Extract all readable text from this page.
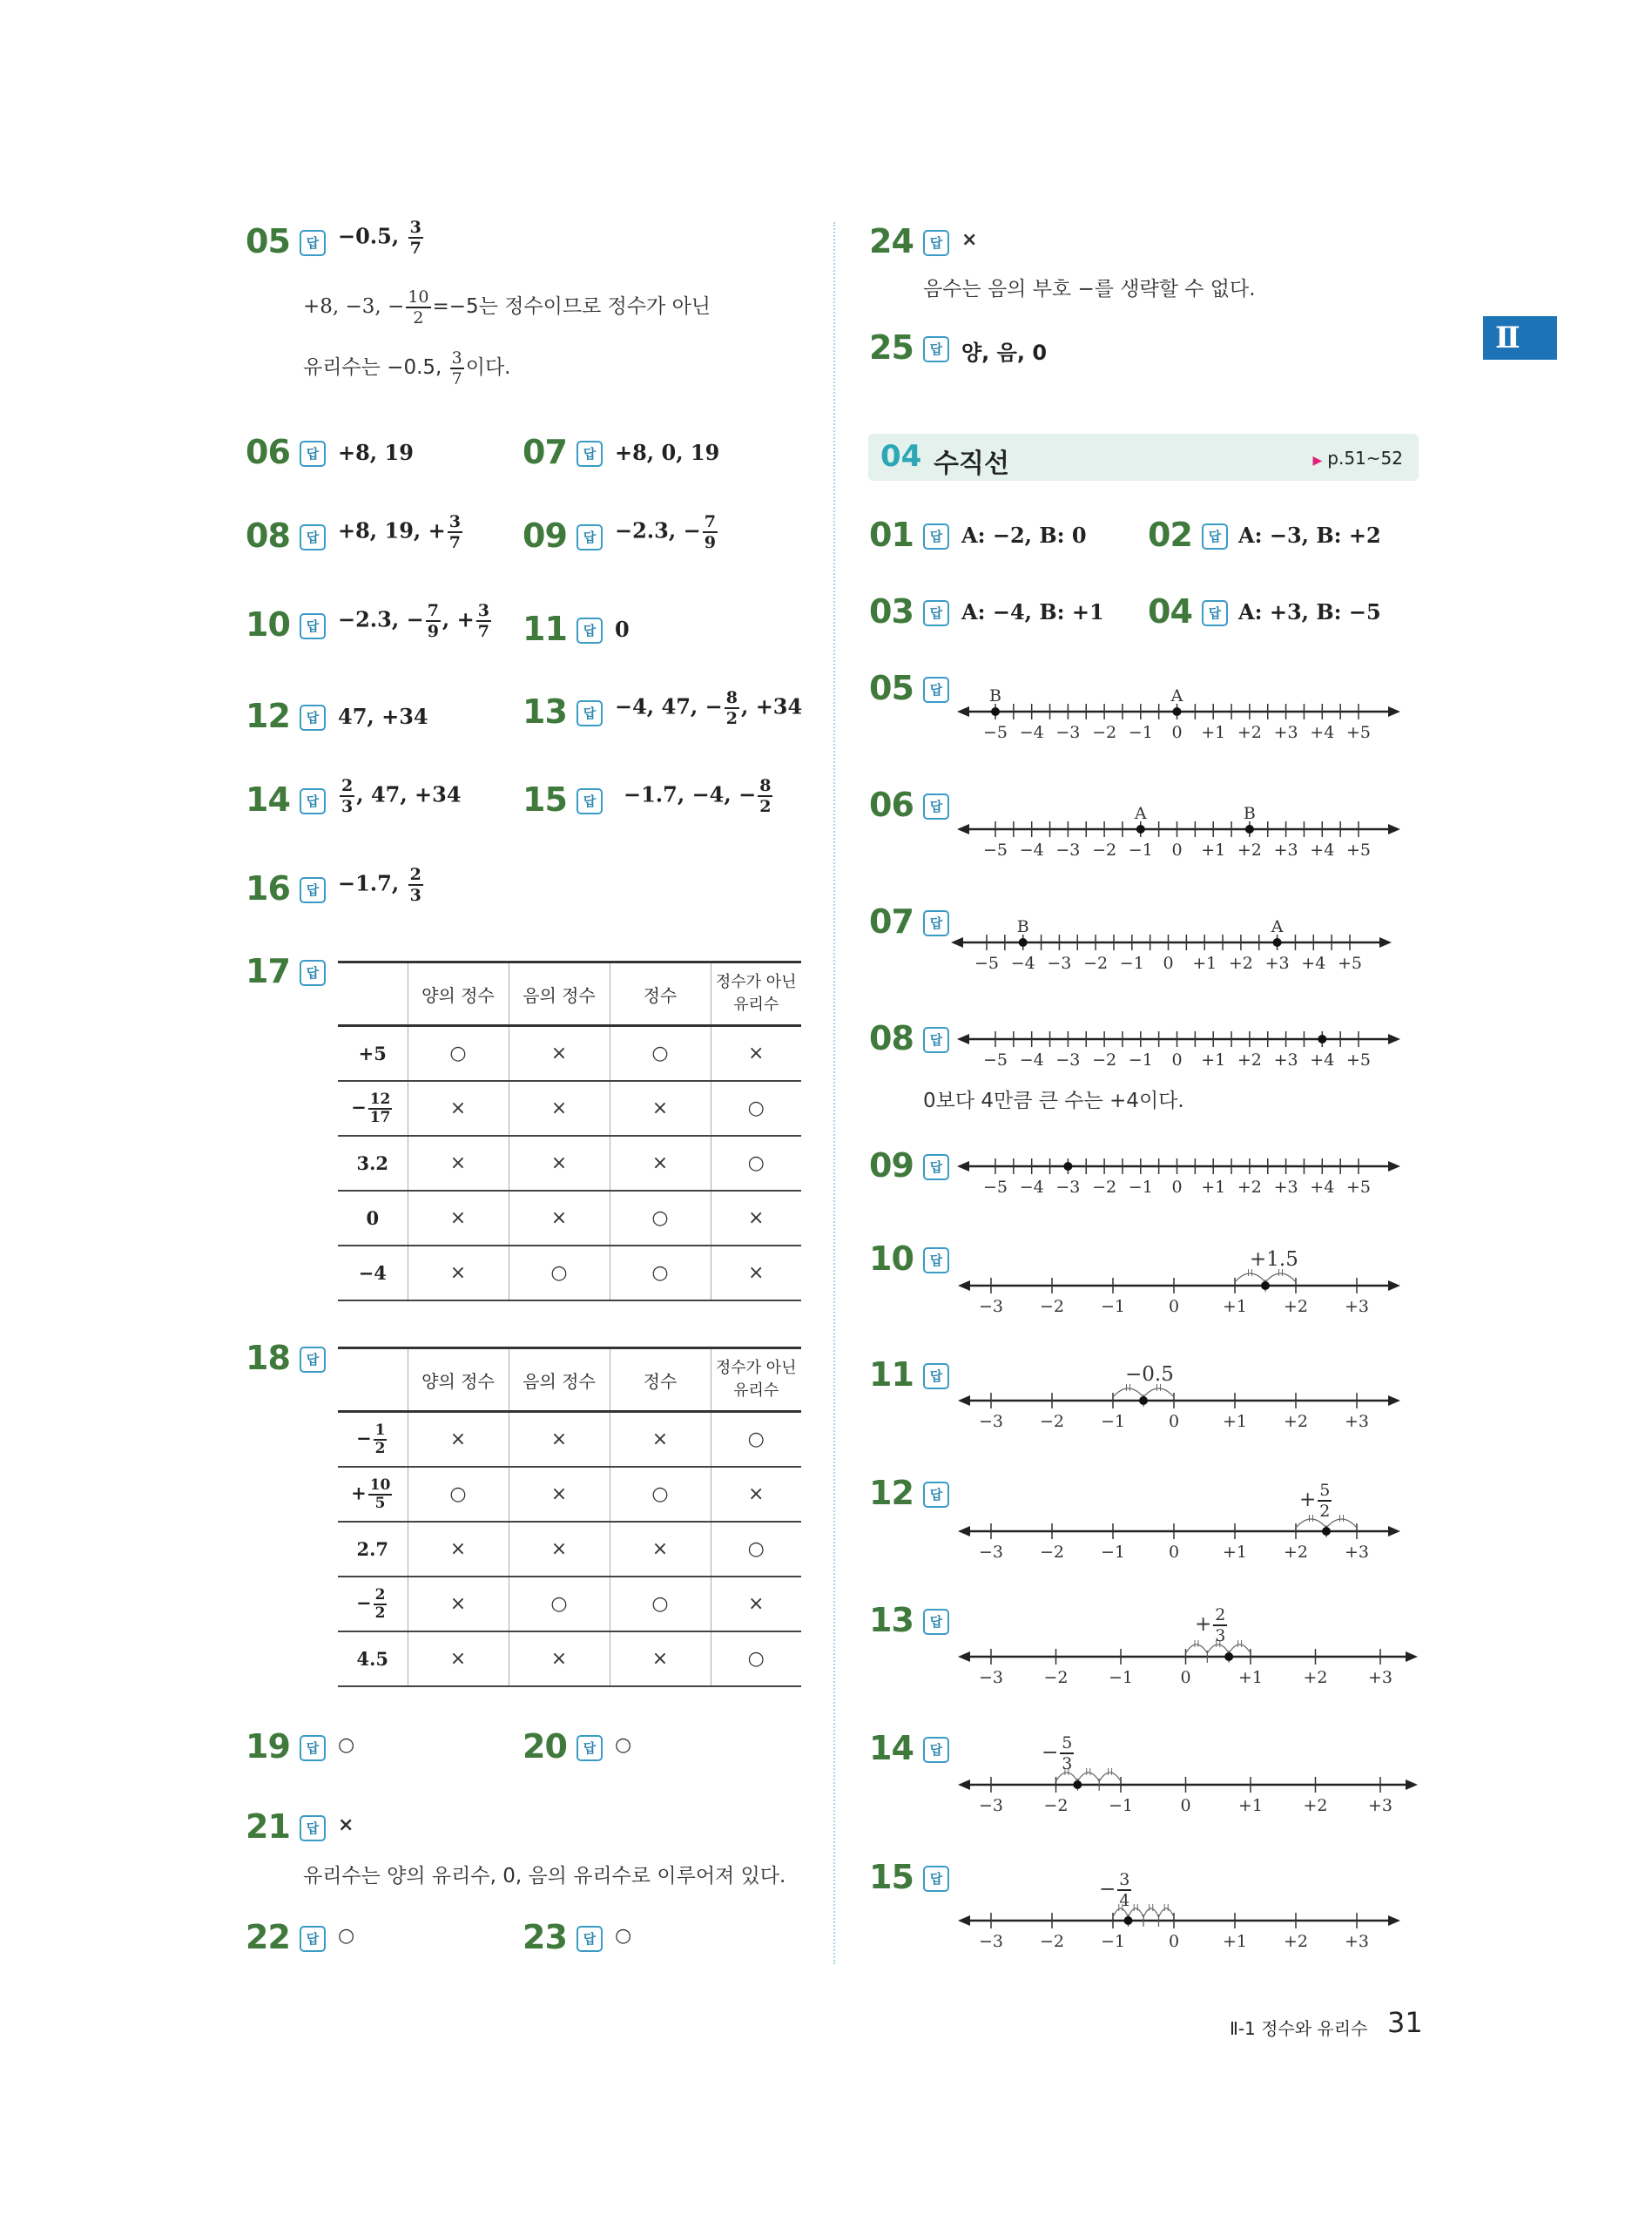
Ⅱ
05	답 −0.5, $\frac{3}{7}$
+8, −3, − $\frac{10}{2} =-5$는 정수이므로 정수가 아닌
유리수는 −0.5, $\frac{3}{7}$ 이다.
06	답 +8, 19	07	답 +8, 0, 19
08	답 +8, 19, + $\frac{3}{7} 09$	답 −2.3, − $\frac{7}{9}$
10	답 −2.3, − $\frac{7}{9}$ , + $\frac{3}{7} 11$	답 0
12	답 47, +34	13	답 −4, 47, − $\frac{8}{2}$ , +34
14	답	$\frac{2}{3}$ , 47, +34 15	답	−1.7, −4, − $\frac{8}{2}$
16	답 −1.7, $\frac{2}{3}$
17	답
	양의 정수	음의 정수	정수	정수가 아닌
유리수
+5	○	×	○	×
− $\frac{12}{17}$	×	×	×	○
3.2	×	×	×	○
0	×	×	○	×
−4	×	○	○	×
18	답
	양의 정수	음의 정수	정수	정수가 아닌
유리수
− $\frac{1}{2}$	×	×	×	○
+ $\frac{10}{5}$	○	×	○	×
2.7	×	×	×	○
− $\frac{2}{2}$	×	○	○	×
4.5	×	×	×	○
19	답 ○	20	답 ○
21	답 ×
유리수는 양의 유리수, 0, 음의 유리수로 이루어져 있다.
22	답 ○	23	답 ○
24	답 ×
음수는 음의 부호 −를 생략할 수 없다.
25	답 양, 음, 0
04 수직선	▶ p.51~52
01	답 A: −2, B: 0 02	답 A: −3, B: +2
03	답 A: −4, B: +1 04	답 A: +3, B: −5
05	답
−5 −4 −3 −2 −1 0 +1 +2 +3 +4 +5
B	A
06	답
−5 −4 −3 −2 −1 0 +1 +2 +3 +4 +5
A	B
07	답
−5 −4 −3 −2 −1 0 +1 +2 +3 +4 +5
B	A
08	답
−5 −4 −3 −2 −1 0 +1 +2 +3 +4 +5
0보다 4만큼 큰 수는 +4이다.
09	답
−5 −4 −3 −2 −1 0 +1 +2 +3 +4 +5
10	답
−3 −2 −1	0	+1 +2 +3
+1.5
11	답
−3 −2 −1	0	+1 +2 +3
−0.5
12	답
−3 −2 −1	0	+1 +2 +3
+ $\frac{5}{2}$
13	답
−3 −2 −1	0	+1 +2 +3
+ $\frac{2}{3}$
14	답
−3 −2 −1	0	+1 +2 +3
− $\frac{5}{3}$
15	답
−3 −2 −1	0	+1 +2 +3
− $\frac{3}{4}$
Ⅱ-1 정수와 유리수 31
